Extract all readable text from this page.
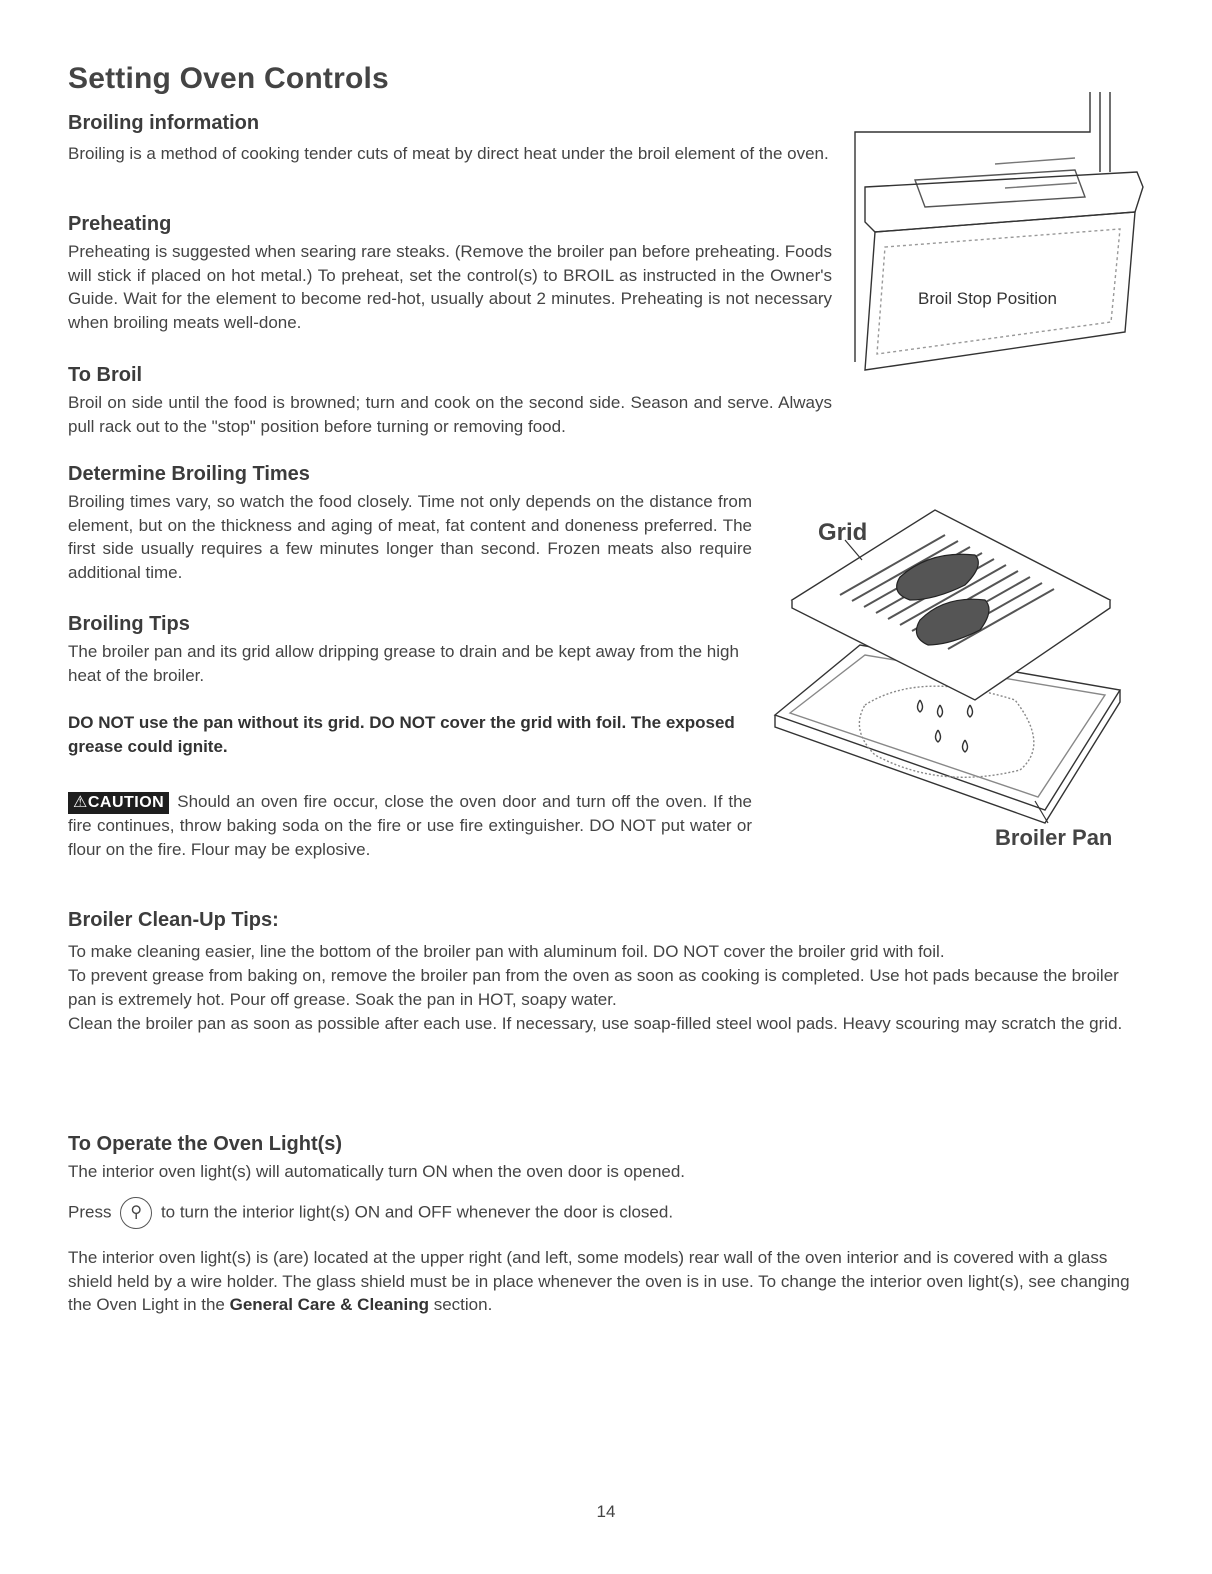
Setting Oven Controls
Broiling information

Broiling is a method of cooking tender cuts of meat by direct heat under the broil element of the oven.

Preheating

Preheating is suggested when searing rare steaks. (Remove the broiler pan before preheating. Foods will stick if placed on hot metal.) To preheat, set the control(s) to BROIL as instructed in the Owner's Guide. Wait for the element to become red-hot, usually about 2 minutes. Preheating is not necessary when broiling meats well-done.

To Broil

Broil on side until the food is browned; turn and cook on the second side. Season and serve. Always pull rack out to the "stop" position before turning or removing food.

Determine Broiling Times

Broiling times vary, so watch the food closely. Time not only depends on the distance from element, but on the thickness and aging of meat, fat content and doneness preferred. The first side usually requires a few minutes longer than second. Frozen meats also require additional time.

Broiling Tips

The broiler pan and its grid allow dripping grease to drain and be kept away from the high heat of the broiler.

DO NOT use the pan without its grid. DO NOT cover the grid with foil. The exposed grease could ignite.

⚠CAUTION Should an oven fire occur, close the oven door and turn off the oven. If the fire continues, throw baking soda on the fire or use fire extinguisher. DO NOT put water or flour on the fire. Flour may be explosive.

Broiler Clean-Up Tips:

To make cleaning easier, line the bottom of the broiler pan with aluminum foil. DO NOT cover the broiler grid with foil.

To prevent grease from baking on, remove the broiler pan from the oven as soon as cooking is completed. Use hot pads because the broiler pan is extremely hot. Pour off grease. Soak the pan in HOT, soapy water.

Clean the broiler pan as soon as possible after each use. If necessary, use soap-filled steel wool pads. Heavy scouring may scratch the grid.

To Operate the Oven Light(s)

The interior oven light(s) will automatically turn ON when the oven door is opened.

Press ⚲ to turn the interior light(s) ON and OFF whenever the door is closed.

The interior oven light(s) is (are) located at the upper right (and left, some models) rear wall of the oven interior and is covered with a glass shield held by a wire holder. The glass shield must be in place whenever the oven is in use. To change the interior oven light(s), see changing the Oven Light in the General Care & Cleaning section.

14

Broil Stop Position
Grid
Broiler Pan
